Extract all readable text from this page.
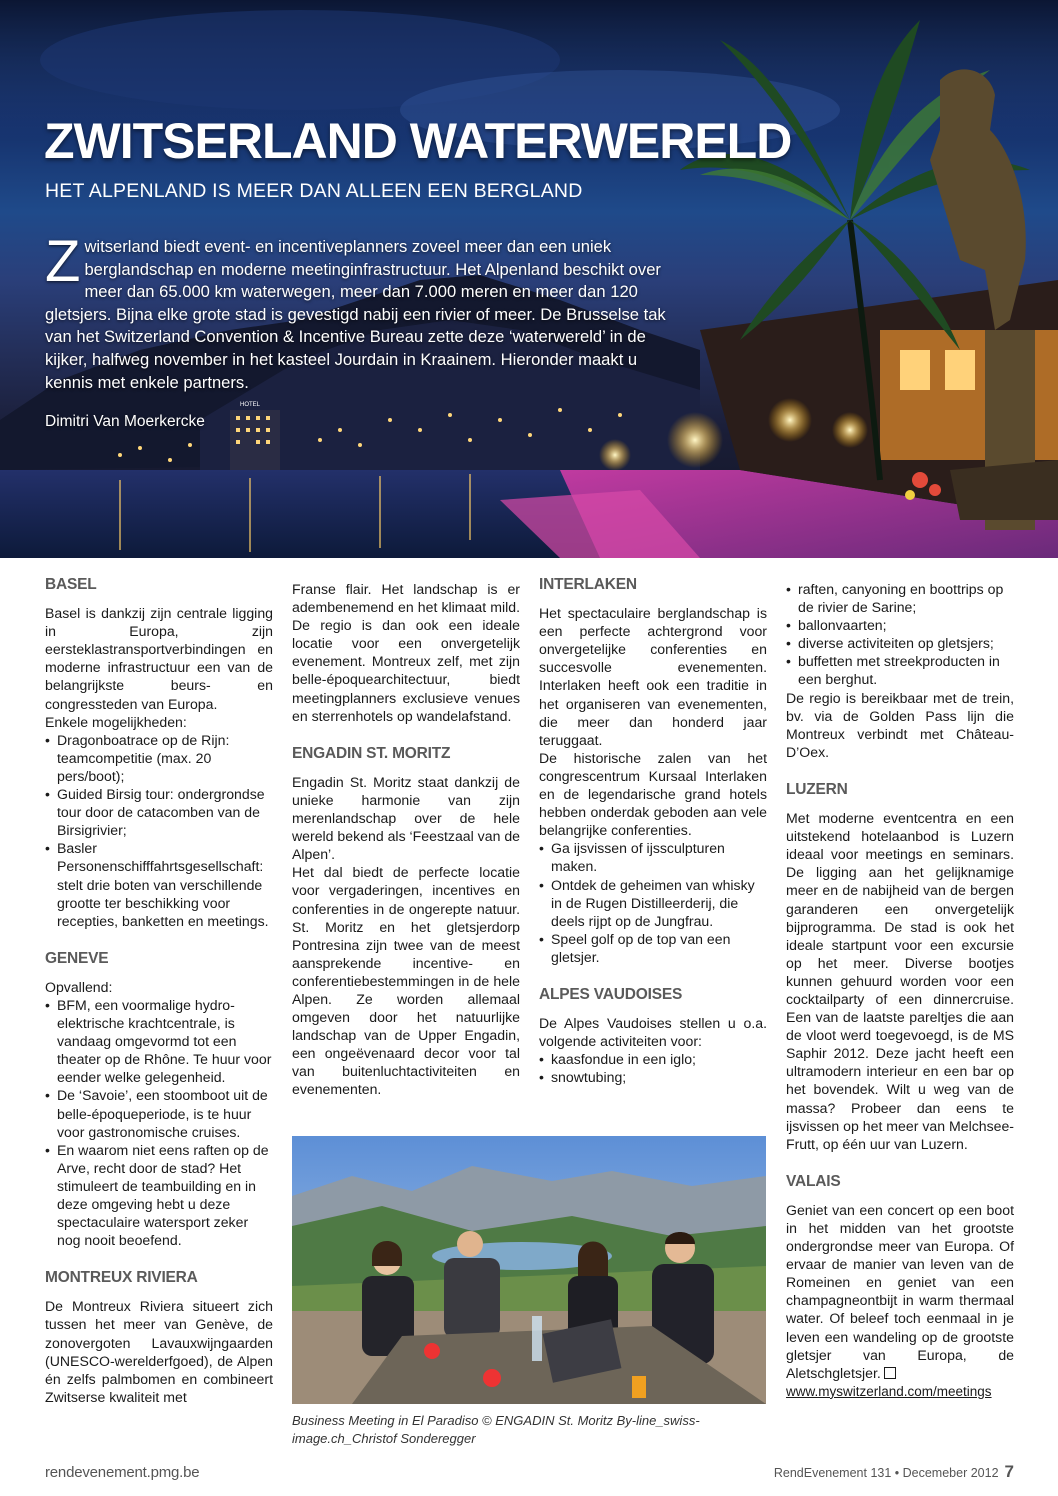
HOTEL
ZWITSERLAND WATERWERELD

HET ALPENLAND IS MEER DAN ALLEEN EEN BERGLAND

Zwitserland biedt event- en incentiveplanners zoveel meer dan een uniek berglandschap en moderne meetinginfrastructuur. Het Alpenland beschikt over meer dan 65.000 km waterwegen, meer dan 7.000 meren en meer dan 120 gletsjers. Bijna elke grote stad is gevestigd nabij een rivier of meer. De Brusselse tak van het Switzerland Convention & Incentive Bureau zette deze ‘waterwereld’ in de kijker, halfweg november in het kasteel Jourdain in Kraainem. Hieronder maakt u kennis met enkele partners.

Dimitri Van Moerkercke

BASEL

Basel is dankzij zijn centrale ligging in Europa, zijn eersteklastransportverbindingen en moderne infrastructuur een van de belangrijkste beurs- en congressteden van Europa.

Enkele mogelijkheden:

• Dragonboatrace op de Rijn: teamcompetitie (max. 20 pers/boot);
• Guided Birsig tour: ondergrondse tour door de catacomben van de Birsigrivier;
• Basler Personenschifffahrtsgesellschaft: stelt drie boten van verschillende grootte ter beschikking voor recepties, banketten en meetings.
GENEVE

Opvallend:

• BFM, een voormalige hydro-elektrische krachtcentrale, is vandaag omgevormd tot een theater op de Rhône. Te huur voor eender welke gelegenheid.
• De ‘Savoie’, een stoomboot uit de belle-époqueperiode, is te huur voor gastronomische cruises.
• En waarom niet eens raften op de Arve, recht door de stad? Het stimuleert de teambuilding en in deze omgeving hebt u deze spectaculaire watersport zeker nog nooit beoefend.
MONTREUX RIVIERA

De Montreux Riviera situeert zich tussen het meer van Genève, de zonovergoten Lavauxwijngaarden (UNESCO-werelderfgoed), de Alpen én zelfs palmbomen en combineert Zwitserse kwaliteit met

Franse flair. Het landschap is er adembenemend en het klimaat mild. De regio is dan ook een ideale locatie voor een onvergetelijk evenement. Montreux zelf, met zijn belle-époquearchitectuur, biedt meetingplanners exclusieve venues en sterrenhotels op wandelafstand.

ENGADIN ST. MORITZ

Engadin St. Moritz staat dankzij de unieke harmonie van zijn merenlandschap over de hele wereld bekend als ‘Feestzaal van de Alpen’.

Het dal biedt de perfecte locatie voor vergaderingen, incentives en conferenties in de ongerepte natuur. St. Moritz en het gletsjerdorp Pontresina zijn twee van de meest aansprekende incentive- en conferentiebestemmingen in de hele Alpen. Ze worden allemaal omgeven door het natuurlijke landschap van de Upper Engadin, een ongeëvenaard decor voor tal van buitenluchtactiviteiten en evenementen.

INTERLAKEN

Het spectaculaire berglandschap is een perfecte achtergrond voor onvergetelijke conferenties en succesvolle evenementen. Interlaken heeft ook een traditie in het organiseren van evenementen, die meer dan honderd jaar teruggaat.

De historische zalen van het congrescentrum Kursaal Interlaken en de legendarische grand hotels hebben onderdak geboden aan vele belangrijke conferenties.

• Ga ijsvissen of ijssculpturen maken.
• Ontdek de geheimen van whisky in de Rugen Distilleerderij, die deels rijpt op de Jungfrau.
• Speel golf op de top van een gletsjer.
ALPES VAUDOISES

De Alpes Vaudoises stellen u o.a. volgende activiteiten voor:

• kaasfondue in een iglo;
• snowtubing;
• raften, canyoning en boottrips op de rivier de Sarine;
• ballonvaarten;
• diverse activiteiten op gletsjers;
• buffetten met streekproducten in een berghut.

De regio is bereikbaar met de trein, bv. via de Golden Pass lijn die Montreux verbindt met Château-D’Oex.

LUZERN

Met moderne eventcentra en een uitstekend hotelaanbod is Luzern ideaal voor meetings en seminars. De ligging aan het gelijknamige meer en de nabijheid van de bergen garanderen een onvergetelijk bijprogramma. De stad is ook het ideale startpunt voor een excursie op het meer. Diverse bootjes kunnen gehuurd worden voor een cocktailparty of een dinnercruise. Een van de laatste pareltjes die aan de vloot werd toegevoegd, is de MS Saphir 2012. Deze jacht heeft een ultramodern interieur en een bar op het bovendek. Wilt u weg van de massa? Probeer dan eens te ijsvissen op het meer van Melchsee-Frutt, op één uur van Luzern.

VALAIS

Geniet van een concert op een boot in het midden van het grootste ondergrondse meer van Europa. Of ervaar de manier van leven van de Romeinen en geniet van een champagneontbijt in warm thermaal water. Of beleef toch eenmaal in je leven een wandeling op de grootste gletsjer van Europa, de Aletschgletsjer.

www.myswitzerland.com/meetings

Business Meeting in El Paradiso © ENGADIN St. Moritz By-line_swiss-image.ch_Christof Sonderegger

rendevenement.pmg.be	RendEvenement 131 • Decemeber 2012 7
